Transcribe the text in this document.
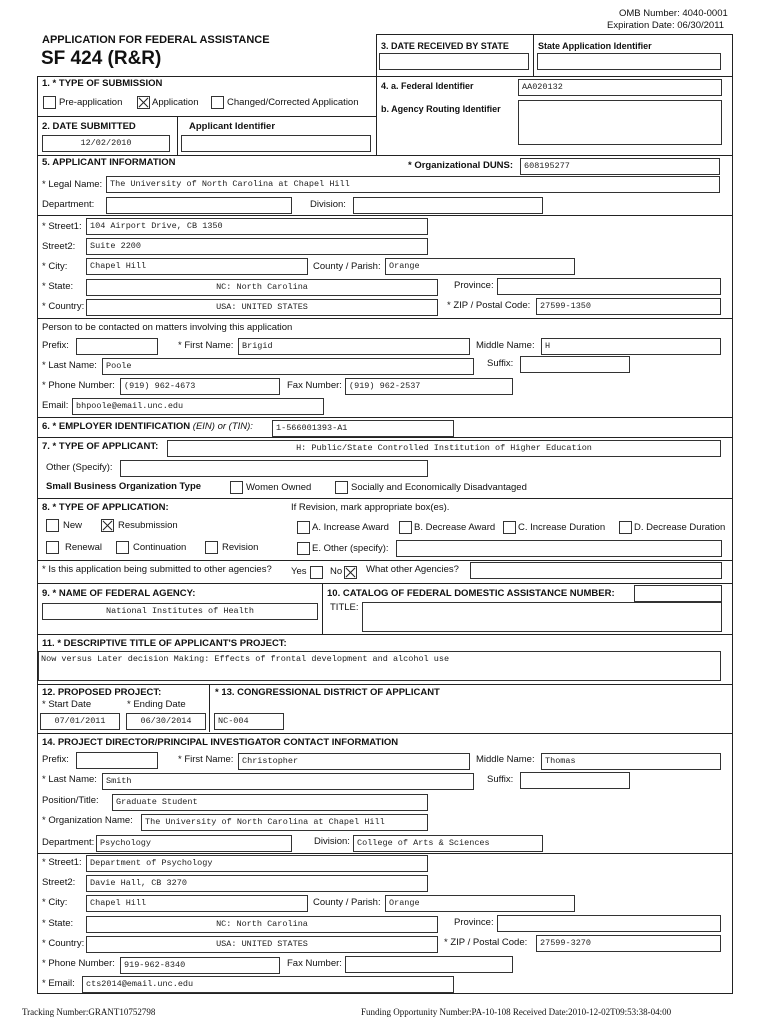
OMB Number: 4040-0001
Expiration Date: 06/30/2011
APPLICATION FOR FEDERAL ASSISTANCE
SF 424 (R&R)
3. DATE RECEIVED BY STATE	State Application Identifier
1. * TYPE OF SUBMISSION
Pre-application	Application	Changed/Corrected Application
4. a. Federal Identifier	AA020132
b. Agency Routing Identifier
2. DATE SUBMITTED
12/02/2010
Applicant Identifier
5. APPLICANT INFORMATION	* Organizational DUNS:	608195277
* Legal Name: The University of North Carolina at Chapel Hill
Department:	Division:
* Street1: 104 Airport Drive, CB 1350
Street2:	Suite 2200
* City:	Chapel Hill	County / Parish: Orange
* State:	NC: North Carolina	Province:
* Country:	USA: UNITED STATES	* ZIP / Postal Code:	27599-1350
Person to be contacted on matters involving this application
Prefix:	* First Name:	Brigid	Middle Name:	H
* Last Name:	Poole	Suffix:
* Phone Number:	(919) 962-4673	Fax Number: (919) 962-2537
Email: bhpoole@email.unc.edu
6. * EMPLOYER IDENTIFICATION (EIN) or (TIN):	1-566001393-A1
7. * TYPE OF APPLICANT:	H: Public/State Controlled Institution of Higher Education
Other (Specify):
Small Business Organization Type	Women Owned	Socially and Economically Disadvantaged
8. * TYPE OF APPLICATION:
New	Resubmission
Renewal	Continuation	Revision
If Revision, mark appropriate box(es).
A. Increase Award	B. Decrease Award C. Increase Duration	D. Decrease Duration
E. Other (specify):
* Is this application being submitted to other agencies? Yes No	What other Agencies?
9. * NAME OF FEDERAL AGENCY:
National Institutes of Health
10. CATALOG OF FEDERAL DOMESTIC ASSISTANCE NUMBER:
TITLE:
11. * DESCRIPTIVE TITLE OF APPLICANT'S PROJECT:
Now versus Later decision Making: Effects of frontal development and alcohol use
12. PROPOSED PROJECT:
* Start Date	* Ending Date
07/01/2011	06/30/2014
* 13. CONGRESSIONAL DISTRICT OF APPLICANT
NC-004
14. PROJECT DIRECTOR/PRINCIPAL INVESTIGATOR CONTACT INFORMATION
Prefix:	* First Name:	Christopher	Middle Name:	Thomas
* Last Name:	Smith	Suffix:
Position/Title:	Graduate Student
* Organization Name:	The University of North Carolina at Chapel Hill
Department: Psychology	Division: College of Arts & Sciences
* Street1: Department of Psychology
Street2:	Davie Hall, CB 3270
* City:	Chapel Hill	County / Parish: Orange
* State:	NC: North Carolina	Province:
* Country:	USA: UNITED STATES	* ZIP / Postal Code:	27599-3270
* Phone Number:	919-962-8340	Fax Number:
* Email:	cts2014@email.unc.edu
Tracking Number:GRANT10752798	Funding Opportunity Number:PA-10-108 Received Date:2010-12-02T09:53:38-04:00
